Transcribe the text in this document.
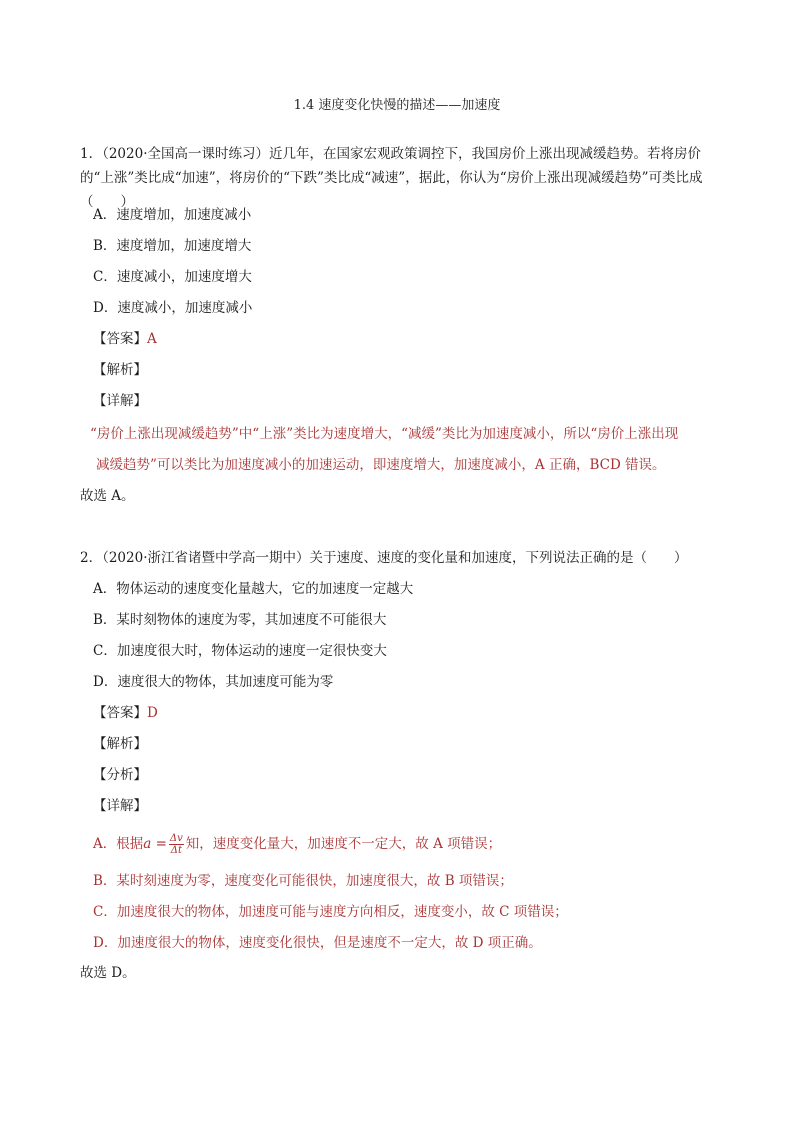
1.4 速度变化快慢的描述——加速度
1．（2020·全国高一课时练习）近几年，在国家宏观政策调控下，我国房价上涨出现减缓趋势。若将房价的“上涨”类比成“加速”，将房价的“下跌”类比成“减速”，据此，你认为“房价上涨出现减缓趋势”可类比成（　　）
A．速度增加，加速度减小
B．速度增加，加速度增大
C．速度减小，加速度增大
D．速度减小，加速度减小
【答案】A
【解析】
【详解】
“房价上涨出现减缓趋势”中“上涨”类比为速度增大，“减缓”类比为加速度减小，所以“房价上涨出现
减缓趋势”可以类比为加速度减小的加速运动，即速度增大，加速度减小，A 正确，BCD 错误。
故选 A。
2．（2020·浙江省诸暨中学高一期中）关于速度、速度的变化量和加速度，下列说法正确的是（　　）
A．物体运动的速度变化量越大，它的加速度一定越大
B．某时刻物体的速度为零，其加速度不可能很大
C．加速度很大时，物体运动的速度一定很快变大
D．速度很大的物体，其加速度可能为零
【答案】D
【解析】
【分析】
【详解】
A．根据$a = \frac{\Delta v}{\Delta t}$ 知，速度变化量大，加速度不一定大，故 A 项错误；
B．某时刻速度为零，速度变化可能很快，加速度很大，故 B 项错误；
C．加速度很大的物体，加速度可能与速度方向相反，速度变小，故 C 项错误；
D．加速度很大的物体，速度变化很快，但是速度不一定大，故 D 项正确。
故选 D。
